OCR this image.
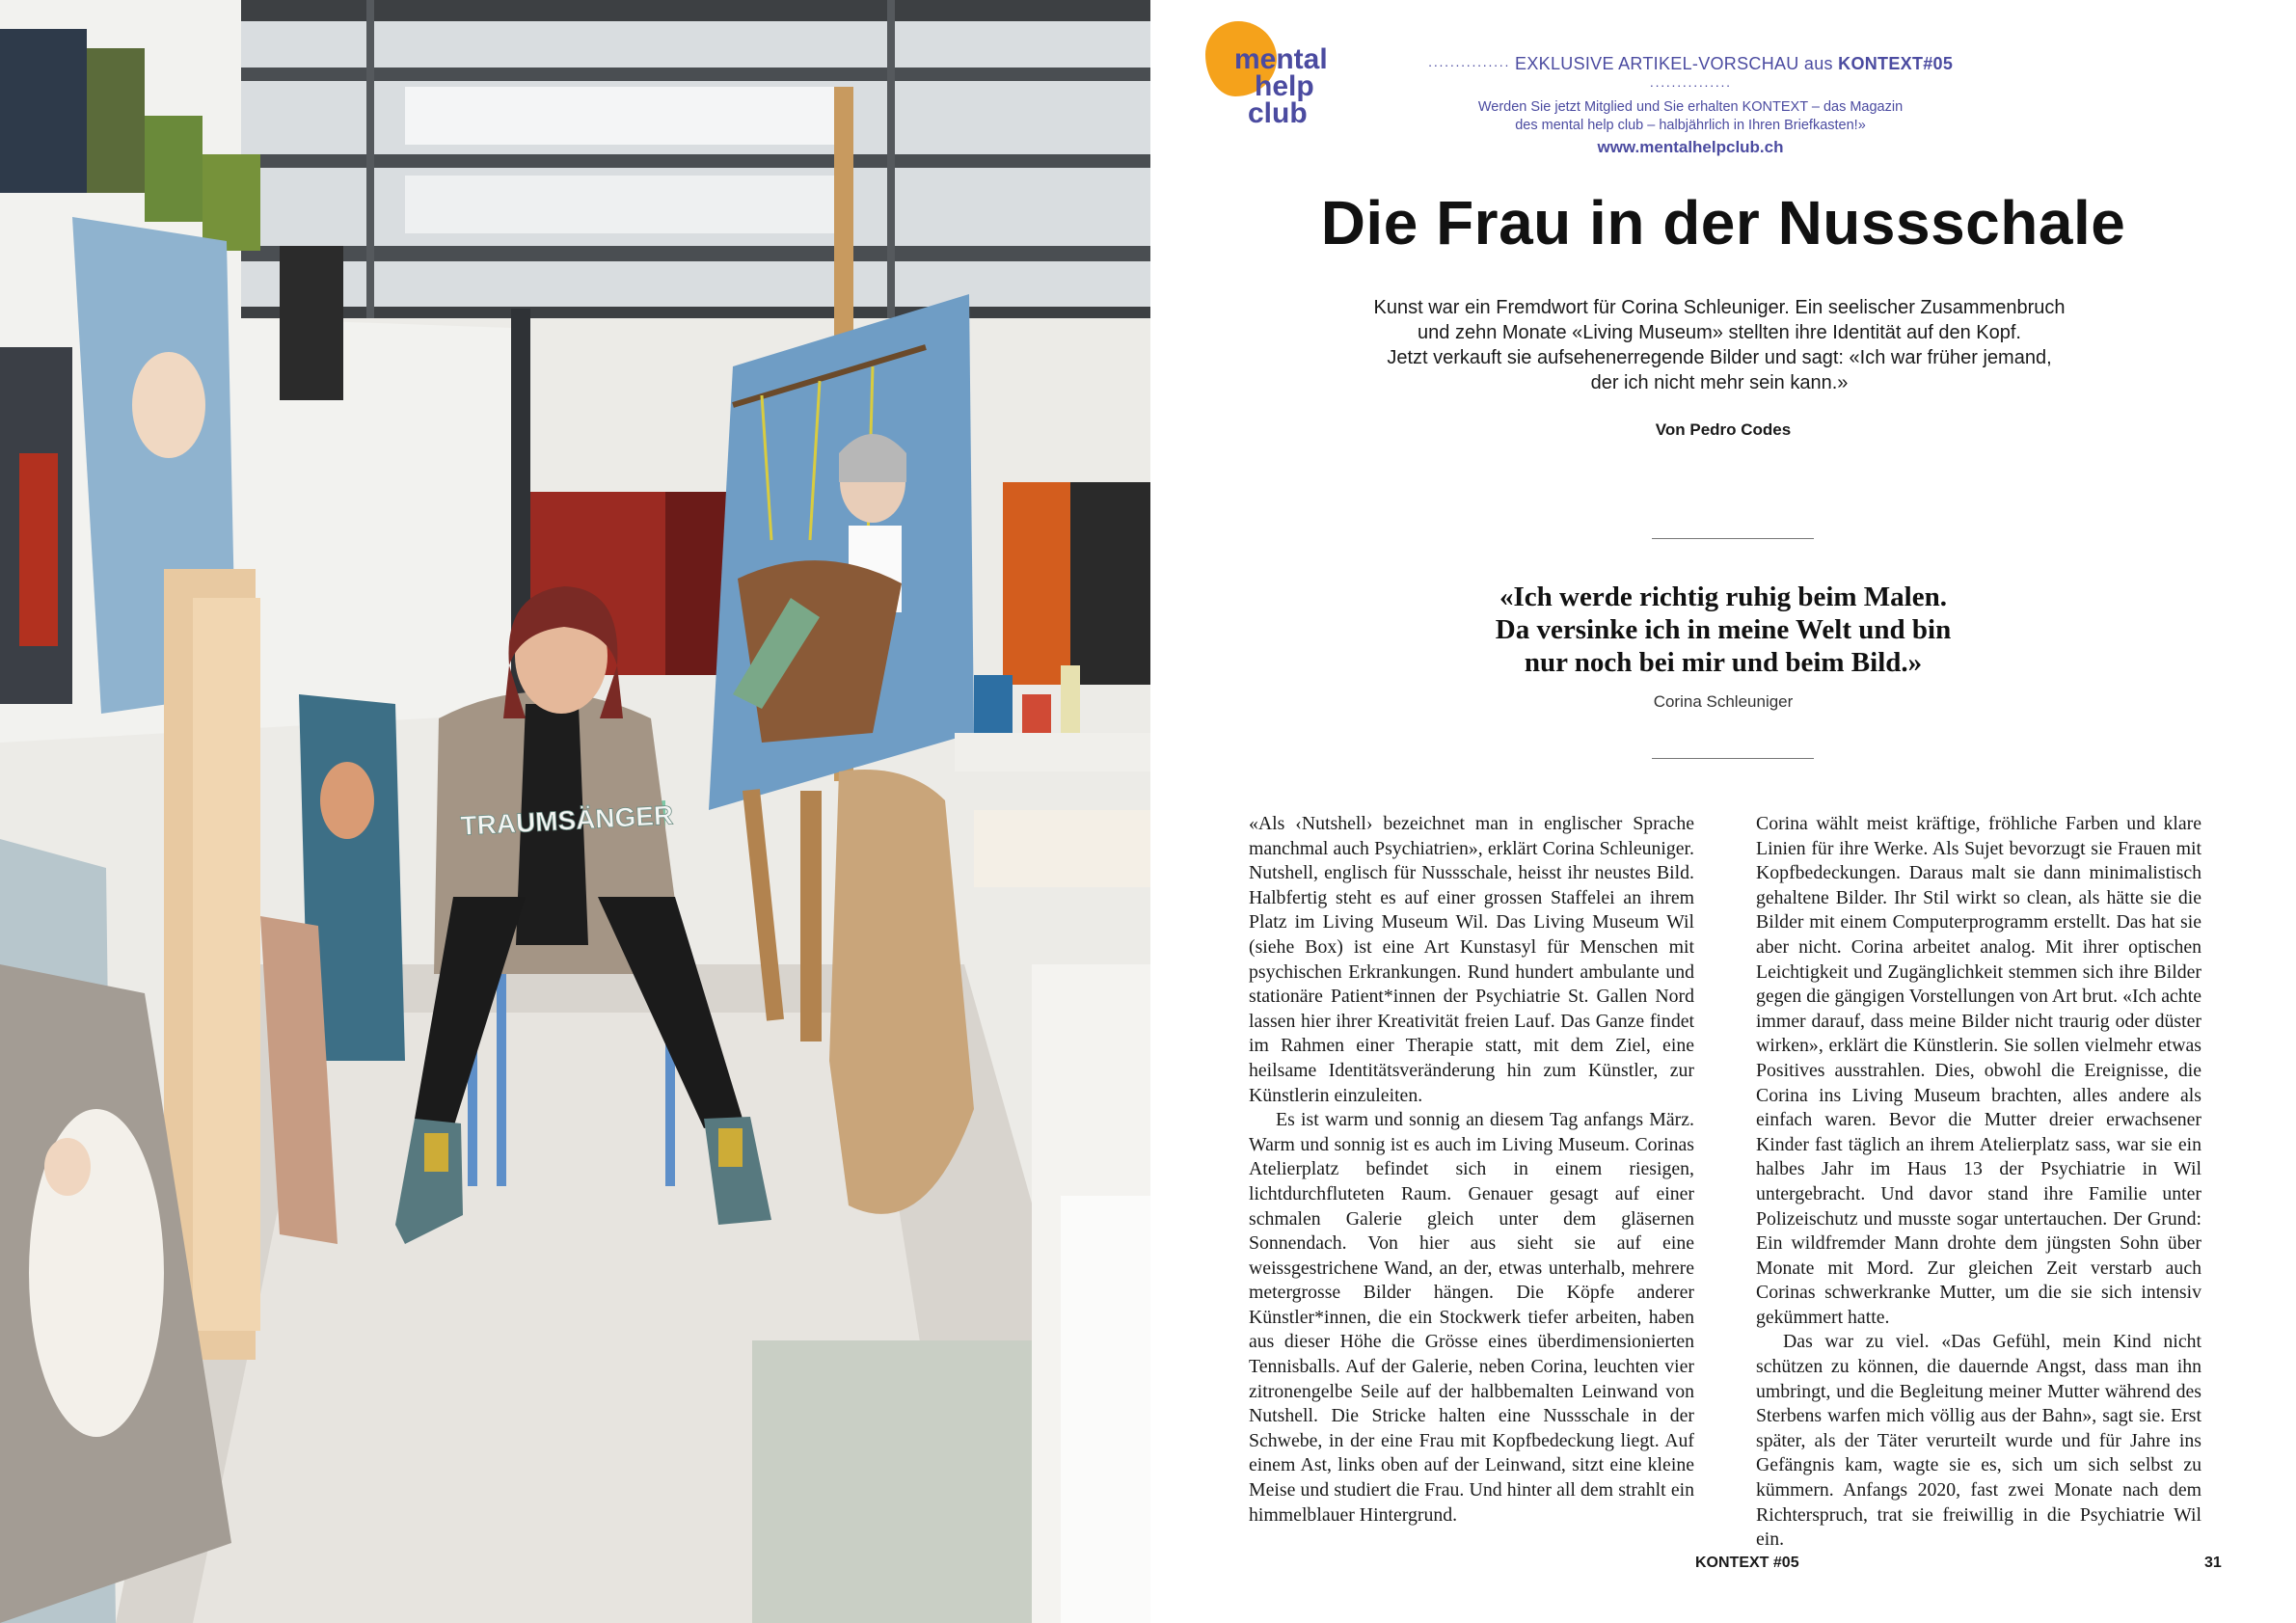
TRAUMSÄNGER
mental
help
club
··············· EXKLUSIVE ARTIKEL-VORSCHAU aus KONTEXT#05 ···············
Werden Sie jetzt Mitglied und Sie erhalten KONTEXT – das Magazin
des mental help club – halbjährlich in Ihren Briefkasten!»
www.mentalhelpclub.ch
Die Frau in der Nussschale
Kunst war ein Fremdwort für Corina Schleuniger. Ein seelischer Zusammenbruch
und zehn Monate «Living Museum» stellten ihre Identität auf den Kopf.
Jetzt verkauft sie aufsehenerregende Bilder und sagt: «Ich war früher jemand,
der ich nicht mehr sein kann.»
Von Pedro Codes
«Ich werde richtig ruhig beim Malen.
Da versinke ich in meine Welt und bin
nur noch bei mir und beim Bild.»
Corina Schleuniger

«Als ‹Nutshell› bezeichnet man in englischer Sprache manchmal auch Psychiatrien», erklärt Corina Schleuniger. Nutshell, englisch für Nussschale, heisst ihr neustes Bild. Halbfertig steht es auf einer grossen Staffelei an ihrem Platz im Living Museum Wil. Das Living Museum Wil (siehe Box) ist eine Art Kunstasyl für Menschen mit psychischen Erkrankungen. Rund hundert ambulante und stationäre Patient*innen der Psychiatrie St. Gallen Nord lassen hier ihrer Kreativität freien Lauf. Das Ganze findet im Rahmen einer Therapie statt, mit dem Ziel, eine heilsame Identitätsveränderung hin zum Künstler, zur Künstlerin einzuleiten.

Es ist warm und sonnig an diesem Tag anfangs März. Warm und sonnig ist es auch im Living Museum. Corinas Atelierplatz befindet sich in einem riesigen, lichtdurchfluteten Raum. Genauer gesagt auf einer schmalen Galerie gleich unter dem gläsernen Sonnendach. Von hier aus sieht sie auf eine weissgestrichene Wand, an der, etwas unterhalb, mehrere metergrosse Bilder hängen. Die Köpfe anderer Künstler*innen, die ein Stockwerk tiefer arbeiten, haben aus dieser Höhe die Grösse eines überdimensionierten Tennisballs. Auf der Galerie, neben Corina, leuchten vier zitronengelbe Seile auf der halbbemalten Leinwand von Nutshell. Die Stricke halten eine Nussschale in der Schwebe, in der eine Frau mit Kopfbedeckung liegt. Auf einem Ast, links oben auf der Leinwand, sitzt eine kleine Meise und studiert die Frau. Und hinter all dem strahlt ein himmelblauer Hintergrund.

Corina wählt meist kräftige, fröhliche Farben und klare Linien für ihre Werke. Als Sujet bevorzugt sie Frauen mit Kopfbedeckungen. Daraus malt sie dann minimalistisch gehaltene Bilder. Ihr Stil wirkt so clean, als hätte sie die Bilder mit einem Computerprogramm erstellt. Das hat sie aber nicht. Corina arbeitet analog. Mit ihrer optischen Leichtigkeit und Zugänglichkeit stemmen sich ihre Bilder gegen die gängigen Vorstellungen von Art brut. «Ich achte immer darauf, dass meine Bilder nicht traurig oder düster wirken», erklärt die Künstlerin. Sie sollen vielmehr etwas Positives ausstrahlen. Dies, obwohl die Ereignisse, die Corina ins Living Museum brachten, alles andere als einfach waren. Bevor die Mutter dreier erwachsener Kinder fast täglich an ihrem Atelierplatz sass, war sie ein halbes Jahr im Haus 13 der Psychiatrie in Wil untergebracht. Und davor stand ihre Familie unter Polizeischutz und musste sogar untertauchen. Der Grund: Ein wildfremder Mann drohte dem jüngsten Sohn über Monate mit Mord. Zur gleichen Zeit verstarb auch Corinas schwerkranke Mutter, um die sie sich intensiv gekümmert hatte.

Das war zu viel. «Das Gefühl, mein Kind nicht schützen zu können, die dauernde Angst, dass man ihn umbringt, und die Begleitung meiner Mutter während des Sterbens warfen mich völlig aus der Bahn», sagt sie. Erst später, als der Täter verurteilt wurde und für Jahre ins Gefängnis kam, wagte sie es, sich um sich selbst zu kümmern. Anfangs 2020, fast zwei Monate nach dem Richterspruch, trat sie freiwillig in die Psychiatrie Wil ein.

KONTEXT #05	31
